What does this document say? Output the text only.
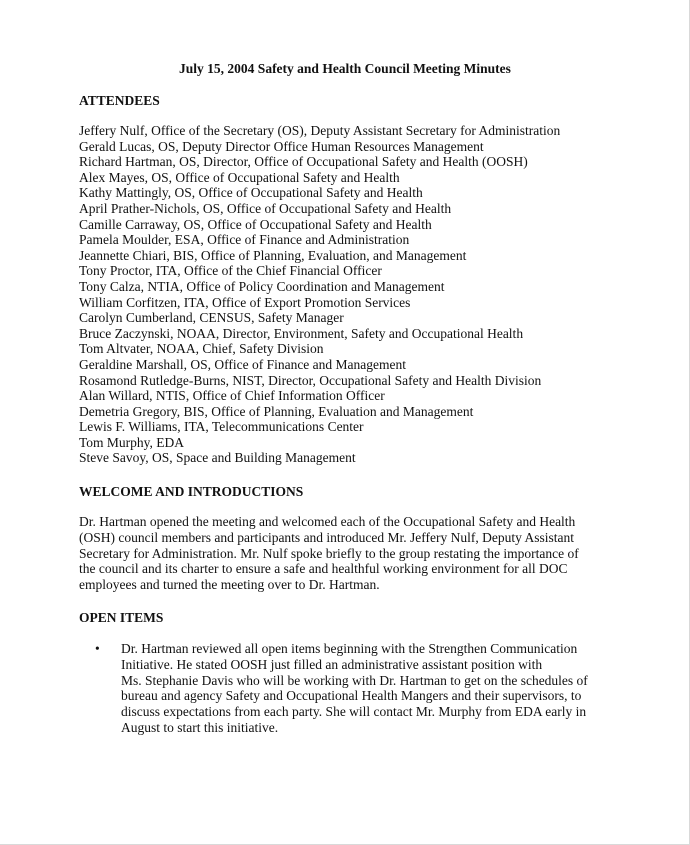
July 15, 2004 Safety and Health Council Meeting Minutes
ATTENDEES
Jeffery Nulf, Office of the Secretary (OS), Deputy Assistant Secretary for Administration
Gerald Lucas, OS, Deputy Director Office Human Resources Management
Richard Hartman, OS, Director, Office of Occupational Safety and Health (OOSH)
Alex Mayes, OS, Office of Occupational Safety and Health
Kathy Mattingly, OS, Office of Occupational Safety and Health
April Prather-Nichols, OS, Office of Occupational Safety and Health
Camille Carraway, OS, Office of Occupational Safety and Health
Pamela Moulder, ESA, Office of Finance and Administration
Jeannette Chiari, BIS, Office of Planning, Evaluation, and Management
Tony Proctor, ITA, Office of the Chief Financial Officer
Tony Calza, NTIA, Office of Policy Coordination and Management
William Corfitzen, ITA, Office of Export Promotion Services
Carolyn Cumberland, CENSUS, Safety Manager
Bruce Zaczynski, NOAA, Director, Environment, Safety and Occupational Health
Tom Altvater, NOAA, Chief, Safety Division
Geraldine Marshall, OS, Office of Finance and Management
Rosamond Rutledge-Burns, NIST, Director, Occupational Safety and Health Division
Alan Willard, NTIS, Office of Chief Information Officer
Demetria Gregory, BIS, Office of Planning, Evaluation and Management
Lewis F. Williams, ITA, Telecommunications Center
Tom Murphy, EDA
Steve Savoy, OS, Space and Building Management
WELCOME AND INTRODUCTIONS

Dr. Hartman opened the meeting and welcomed each of the Occupational Safety and Health
(OSH) council members and participants and introduced Mr. Jeffery Nulf, Deputy Assistant
Secretary for Administration. Mr. Nulf spoke briefly to the group restating the importance of
the council and its charter to ensure a safe and healthful working environment for all DOC
employees and turned the meeting over to Dr. Hartman.

OPEN ITEMS
• Dr. Hartman reviewed all open items beginning with the Strengthen Communication
Initiative. He stated OOSH just filled an administrative assistant position with
Ms. Stephanie Davis who will be working with Dr. Hartman to get on the schedules of
bureau and agency Safety and Occupational Health Mangers and their supervisors, to
discuss expectations from each party. She will contact Mr. Murphy from EDA early in
August to start this initiative.
